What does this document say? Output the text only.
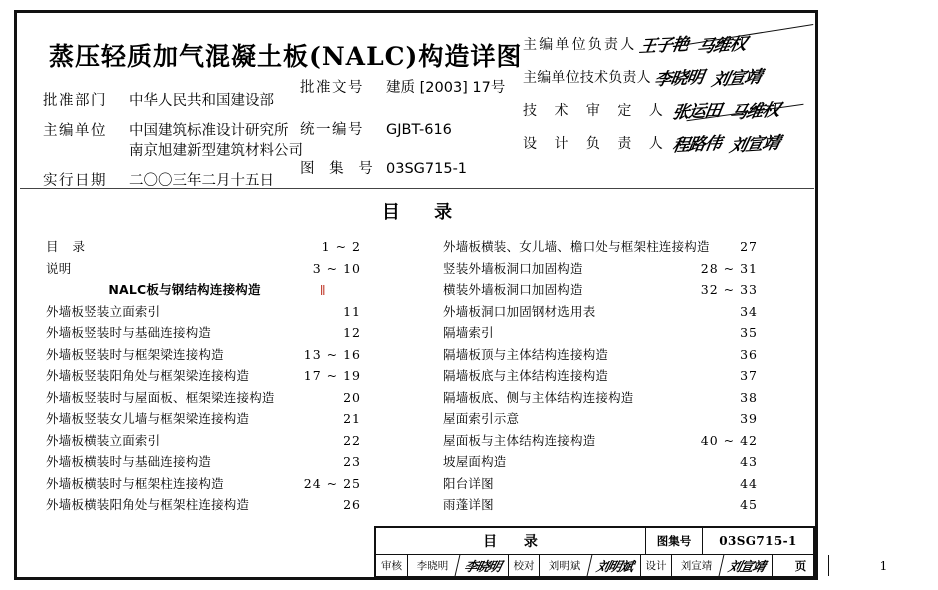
蒸压轻质加气混凝土板(NALC)构造详图
批准部门	中华人民共和国建设部
主编单位	中国建筑标准设计研究所
南京旭建新型建筑材料公司
实行日期	二〇〇三年二月十五日
主编单位负责人 王子艳 马维权
主编单位技术负责人 李晓明 刘宣靖
技 术 审 定 人 张运田 马维权
设 计 负 责 人 程路伟 刘宣靖
批准文号	建质 [2003] 17号
统一编号	GJBT-616
图 集 号 03SG715-1
目 录
目 录	1 ~ 2
说明	3 ~ 10
NALC板与钢结构连接构造	ǁ
外墙板竖装立面索引	11
外墙板竖装时与基础连接构造	12
外墙板竖装时与框架梁连接构造	13 ~ 16
外墙板竖装阳角处与框架梁连接构造	17 ~ 19
外墙板竖装时与屋面板、框架梁连接构造	20
外墙板竖装女儿墙与框架梁连接构造	21
外墙板横装立面索引	22
外墙板横装时与基础连接构造	23
外墙板横装时与框架柱连接构造	24 ~ 25
外墙板横装阳角处与框架柱连接构造	26
外墙板横装、女儿墙、檐口处与框架柱连接构造 27
竖装外墙板洞口加固构造	28 ~ 31
横装外墙板洞口加固构造	32 ~ 33
外墙板洞口加固钢材选用表	34
隔墙索引	35
隔墙板顶与主体结构连接构造	36
隔墙板底与主体结构连接构造	37
隔墙板底、侧与主体结构连接构造	38
屋面索引示意	39
屋面板与主体结构连接构造	40 ~ 42
坡屋面构造	43
阳台详图	44
雨蓬详图	45
目 录	图集号	03SG715-1
审核	李晓明	李晓明	校对	刘明斌	刘明斌	设计	刘宣靖	刘宣靖	页	1
